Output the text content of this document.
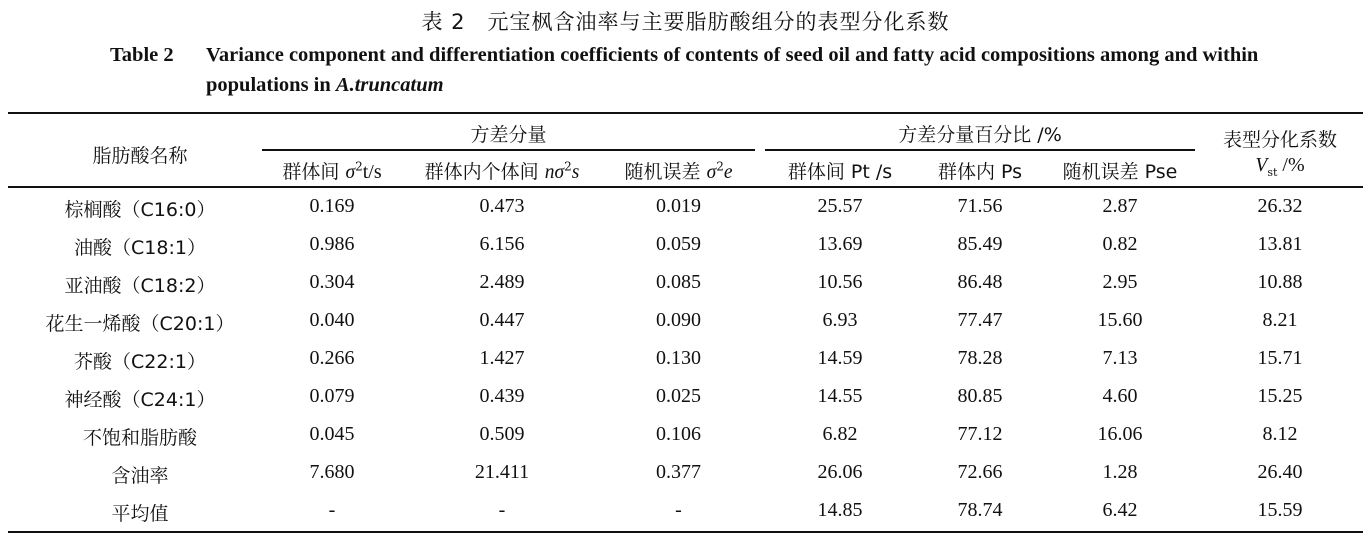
表 2　元宝枫含油率与主要脂肪酸组分的表型分化系数
Table 2 Variance component and differentiation coefficients of contents of seed oil and fatty acid compositions among and within populations in A.truncatum
脂肪酸名称
方差分量	方差分量百分比 /%	表型分化系数
$V_{st}$ /%
群体间 $\sigma^2t/s$	群体内个体间 $n\sigma^2s$	随机误差 $\sigma^2e$	群体间 Pt /s	群体内 Ps	随机误差 Pse
棕榈酸（C16:0）	0.169	0.473	0.019	25.57	71.56	2.87	26.32
油酸（C18:1）	0.986	6.156	0.059	13.69	85.49	0.82	13.81
亚油酸（C18:2）	0.304	2.489	0.085	10.56	86.48	2.95	10.88
花生一烯酸（C20:1）	0.040	0.447	0.090	6.93	77.47	15.60	8.21
芥酸（C22:1）	0.266	1.427	0.130	14.59	78.28	7.13	15.71
神经酸（C24:1）	0.079	0.439	0.025	14.55	80.85	4.60	15.25
不饱和脂肪酸	0.045	0.509	0.106	6.82	77.12	16.06	8.12
含油率	7.680	21.411	0.377	26.06	72.66	1.28	26.40
平均值	-	-	-	14.85	78.74	6.42	15.59
